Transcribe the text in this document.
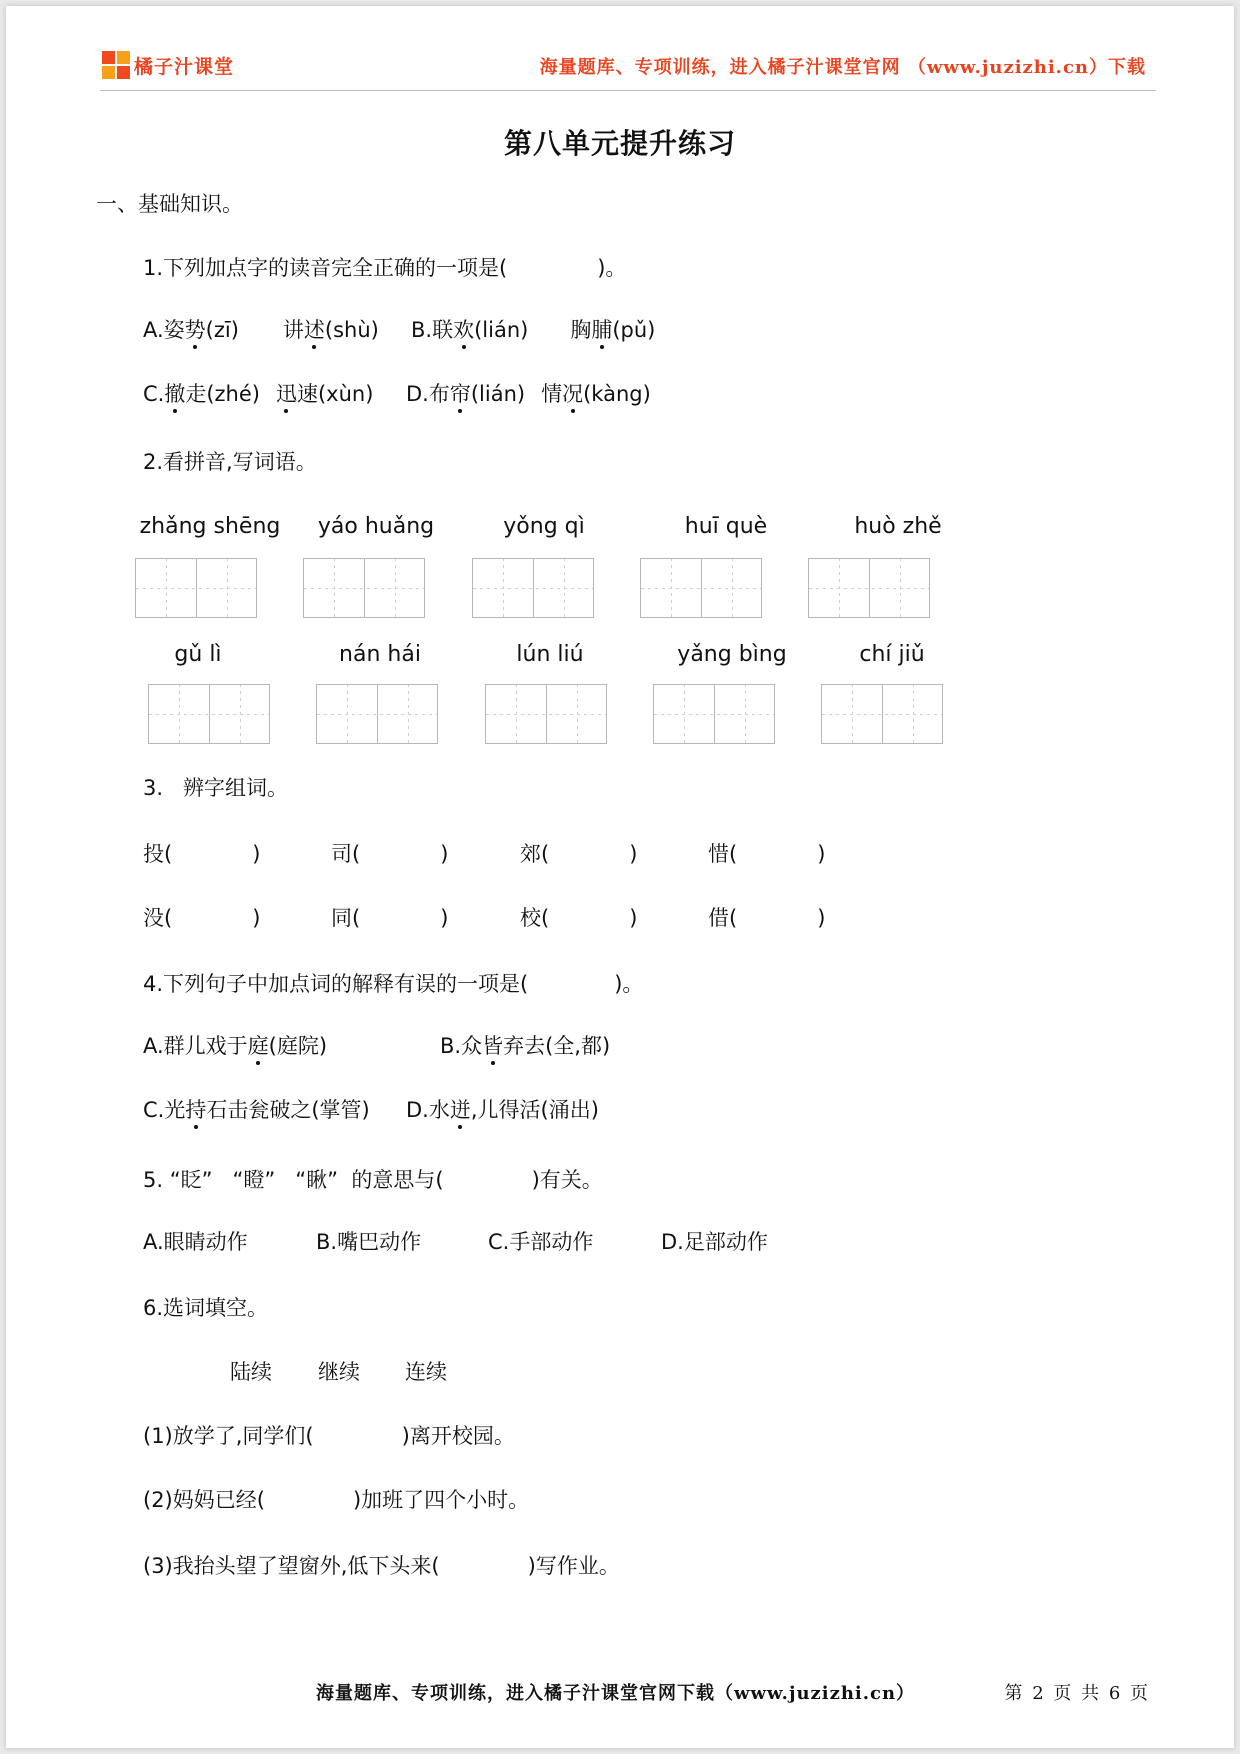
橘子汁课堂	海量题库、专项训练，进入橘子汁课堂官网 （www.juzizhi.cn）下载
第八单元提升练习
一、基础知识。
1.下列加点字的读音完全正确的一项是(	)。
A.姿势(zī) 讲述(shù) B.联欢(lián) 胸脯(pǔ)
C.撤走(zhé) 迅速(xùn) D.布帘(lián) 情况(kàng)
2.看拼音,写词语。
zhǎng shēng	yáo huǎng	yǒng qì	huī què	huò zhě
gǔ lì	nán hái	lún liú	yǎng bìng	chí jiǔ
3.   辨字组词。
投(	)	司(	)	郊(	)	惜(	)
没(	)	同(	)	校(	)	借(	)
4.下列句子中加点词的解释有误的一项是(	)。
A.群儿戏于庭(庭院)	B.众皆弃去(全,都)
C.光持石击瓮破之(掌管) D.水迸,儿得活(涌出)
5. “眨”   “瞪”   “瞅”  的意思与(	)有关。
A.眼睛动作	B.嘴巴动作	C.手部动作	D.足部动作
6.选词填空。
陆续 继续 连续
(1)放学了,同学们(	)离开校园。
(2)妈妈已经(	)加班了四个小时。
(3)我抬头望了望窗外,低下头来(	)写作业。
海量题库、专项训练，进入橘子汁课堂官网下载（www.juzizhi.cn）	第 2 页 共 6 页
